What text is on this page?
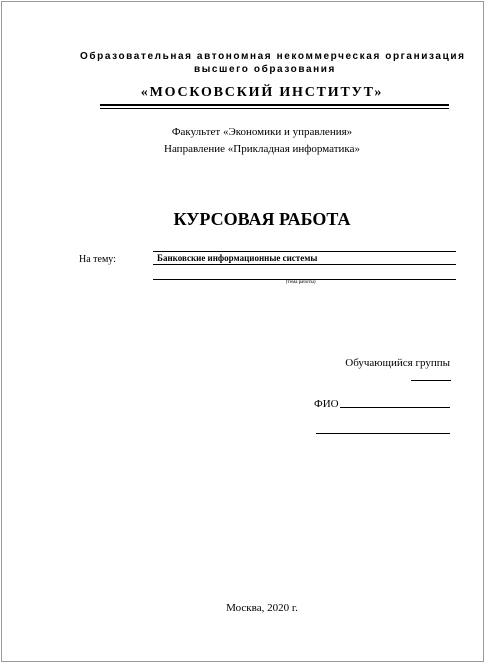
Образовательная автономная некоммерческая организация
высшего образования
«МОСКОВСКИЙ ИНСТИТУТ»
Факультет «Экономики и управления»
Направление «Прикладная информатика»
КУРСОВАЯ РАБОТА
На тему:	Банковские информационные системы
(тема работы)
Обучающийся группы
ФИО
Москва, 2020 г.
